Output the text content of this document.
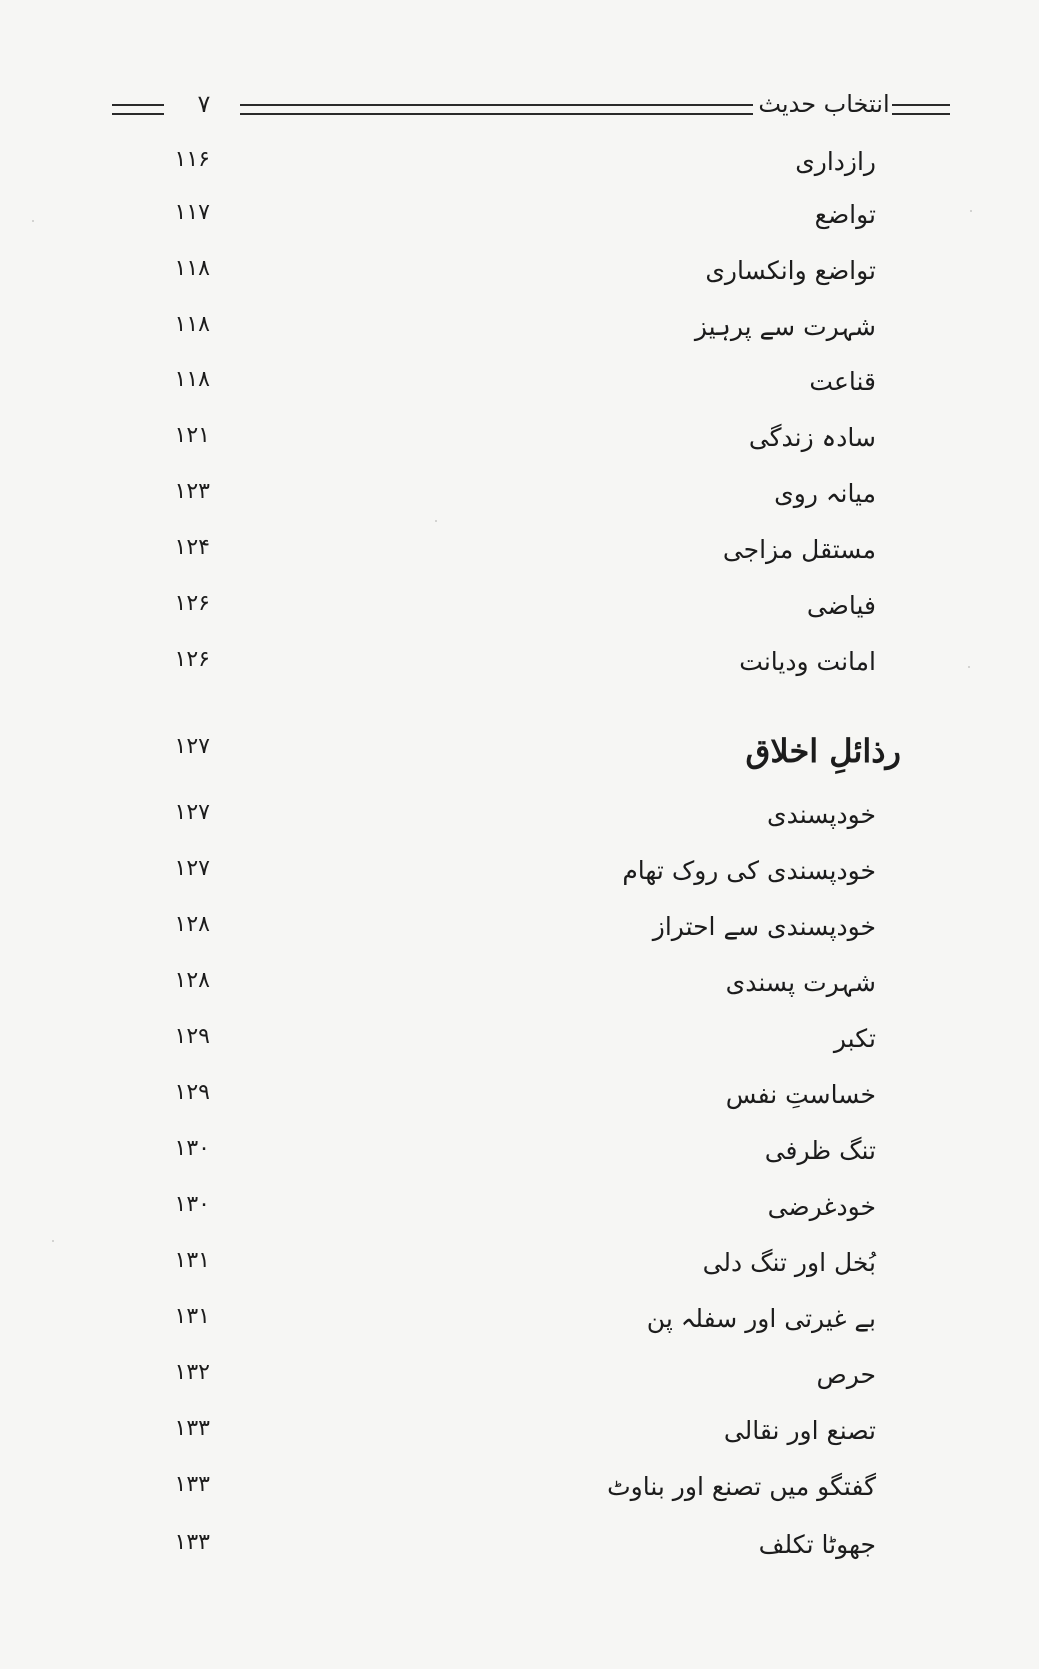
۷	انتخاب حدیث
رازداری
۱۱۶
تواضع
۱۱۷
تواضع وانکساری
۱۱۸
شہرت سے پرہیز
۱۱۸
قناعت
۱۱۸
سادہ زندگی
۱۲۱
میانہ روی
۱۲۳
مستقل مزاجی
۱۲۴
فیاضی
۱۲۶
امانت ودیانت
۱۲۶
رذائلِ اخلاق
۱۲۷
خودپسندی
۱۲۷
خودپسندی کی روک تھام
۱۲۷
خودپسندی سے احتراز
۱۲۸
شہرت پسندی
۱۲۸
تکبر
۱۲۹
خساستِ نفس
۱۲۹
تنگ ظرفی
۱۳۰
خودغرضی
۱۳۰
بُخل اور تنگ دلی
۱۳۱
بے غیرتی اور سفلہ پن
۱۳۱
حرص
۱۳۲
تصنع اور نقالی
۱۳۳
گفتگو میں تصنع اور بناوٹ
۱۳۳
جھوٹا تکلف
۱۳۳
